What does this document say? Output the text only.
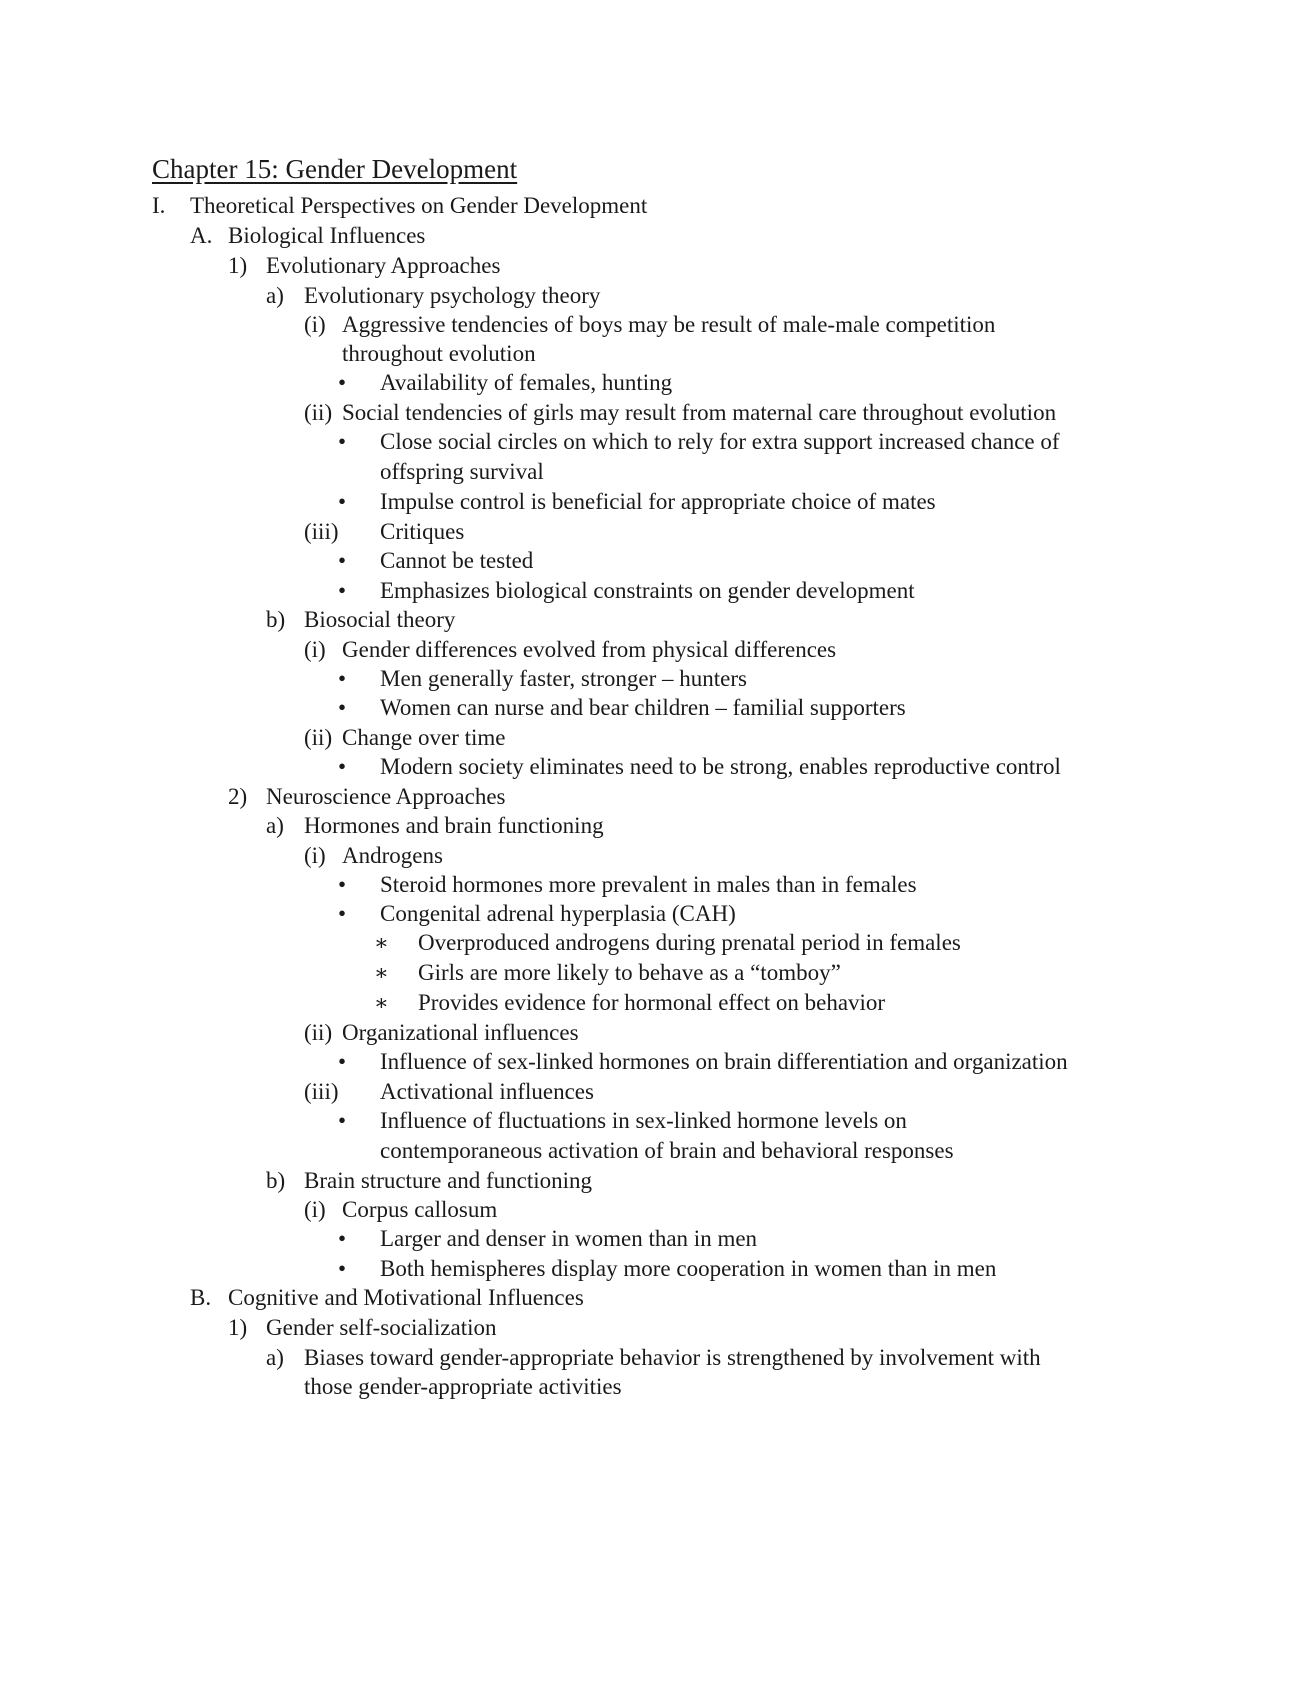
Chapter 15: Gender Development
I. Theoretical Perspectives on Gender Development
A. Biological Influences
1) Evolutionary Approaches
a) Evolutionary psychology theory
(i) Aggressive tendencies of boys may be result of male-male competition
throughout evolution
• Availability of females, hunting
(ii) Social tendencies of girls may result from maternal care throughout evolution
• Close social circles on which to rely for extra support increased chance of
offspring survival
• Impulse control is beneficial for appropriate choice of mates
(iii) Critiques
• Cannot be tested
• Emphasizes biological constraints on gender development
b) Biosocial theory
(i) Gender differences evolved from physical differences
• Men generally faster, stronger – hunters
• Women can nurse and bear children – familial supporters
(ii) Change over time
• Modern society eliminates need to be strong, enables reproductive control
2) Neuroscience Approaches
a) Hormones and brain functioning
(i) Androgens
• Steroid hormones more prevalent in males than in females
• Congenital adrenal hyperplasia (CAH)
∗ Overproduced androgens during prenatal period in females
∗ Girls are more likely to behave as a “tomboy”
∗ Provides evidence for hormonal effect on behavior
(ii) Organizational influences
• Influence of sex-linked hormones on brain differentiation and organization
(iii) Activational influences
• Influence of fluctuations in sex-linked hormone levels on
contemporaneous activation of brain and behavioral responses
b) Brain structure and functioning
(i) Corpus callosum
• Larger and denser in women than in men
• Both hemispheres display more cooperation in women than in men
B. Cognitive and Motivational Influences
1) Gender self-socialization
a) Biases toward gender-appropriate behavior is strengthened by involvement with
those gender-appropriate activities
